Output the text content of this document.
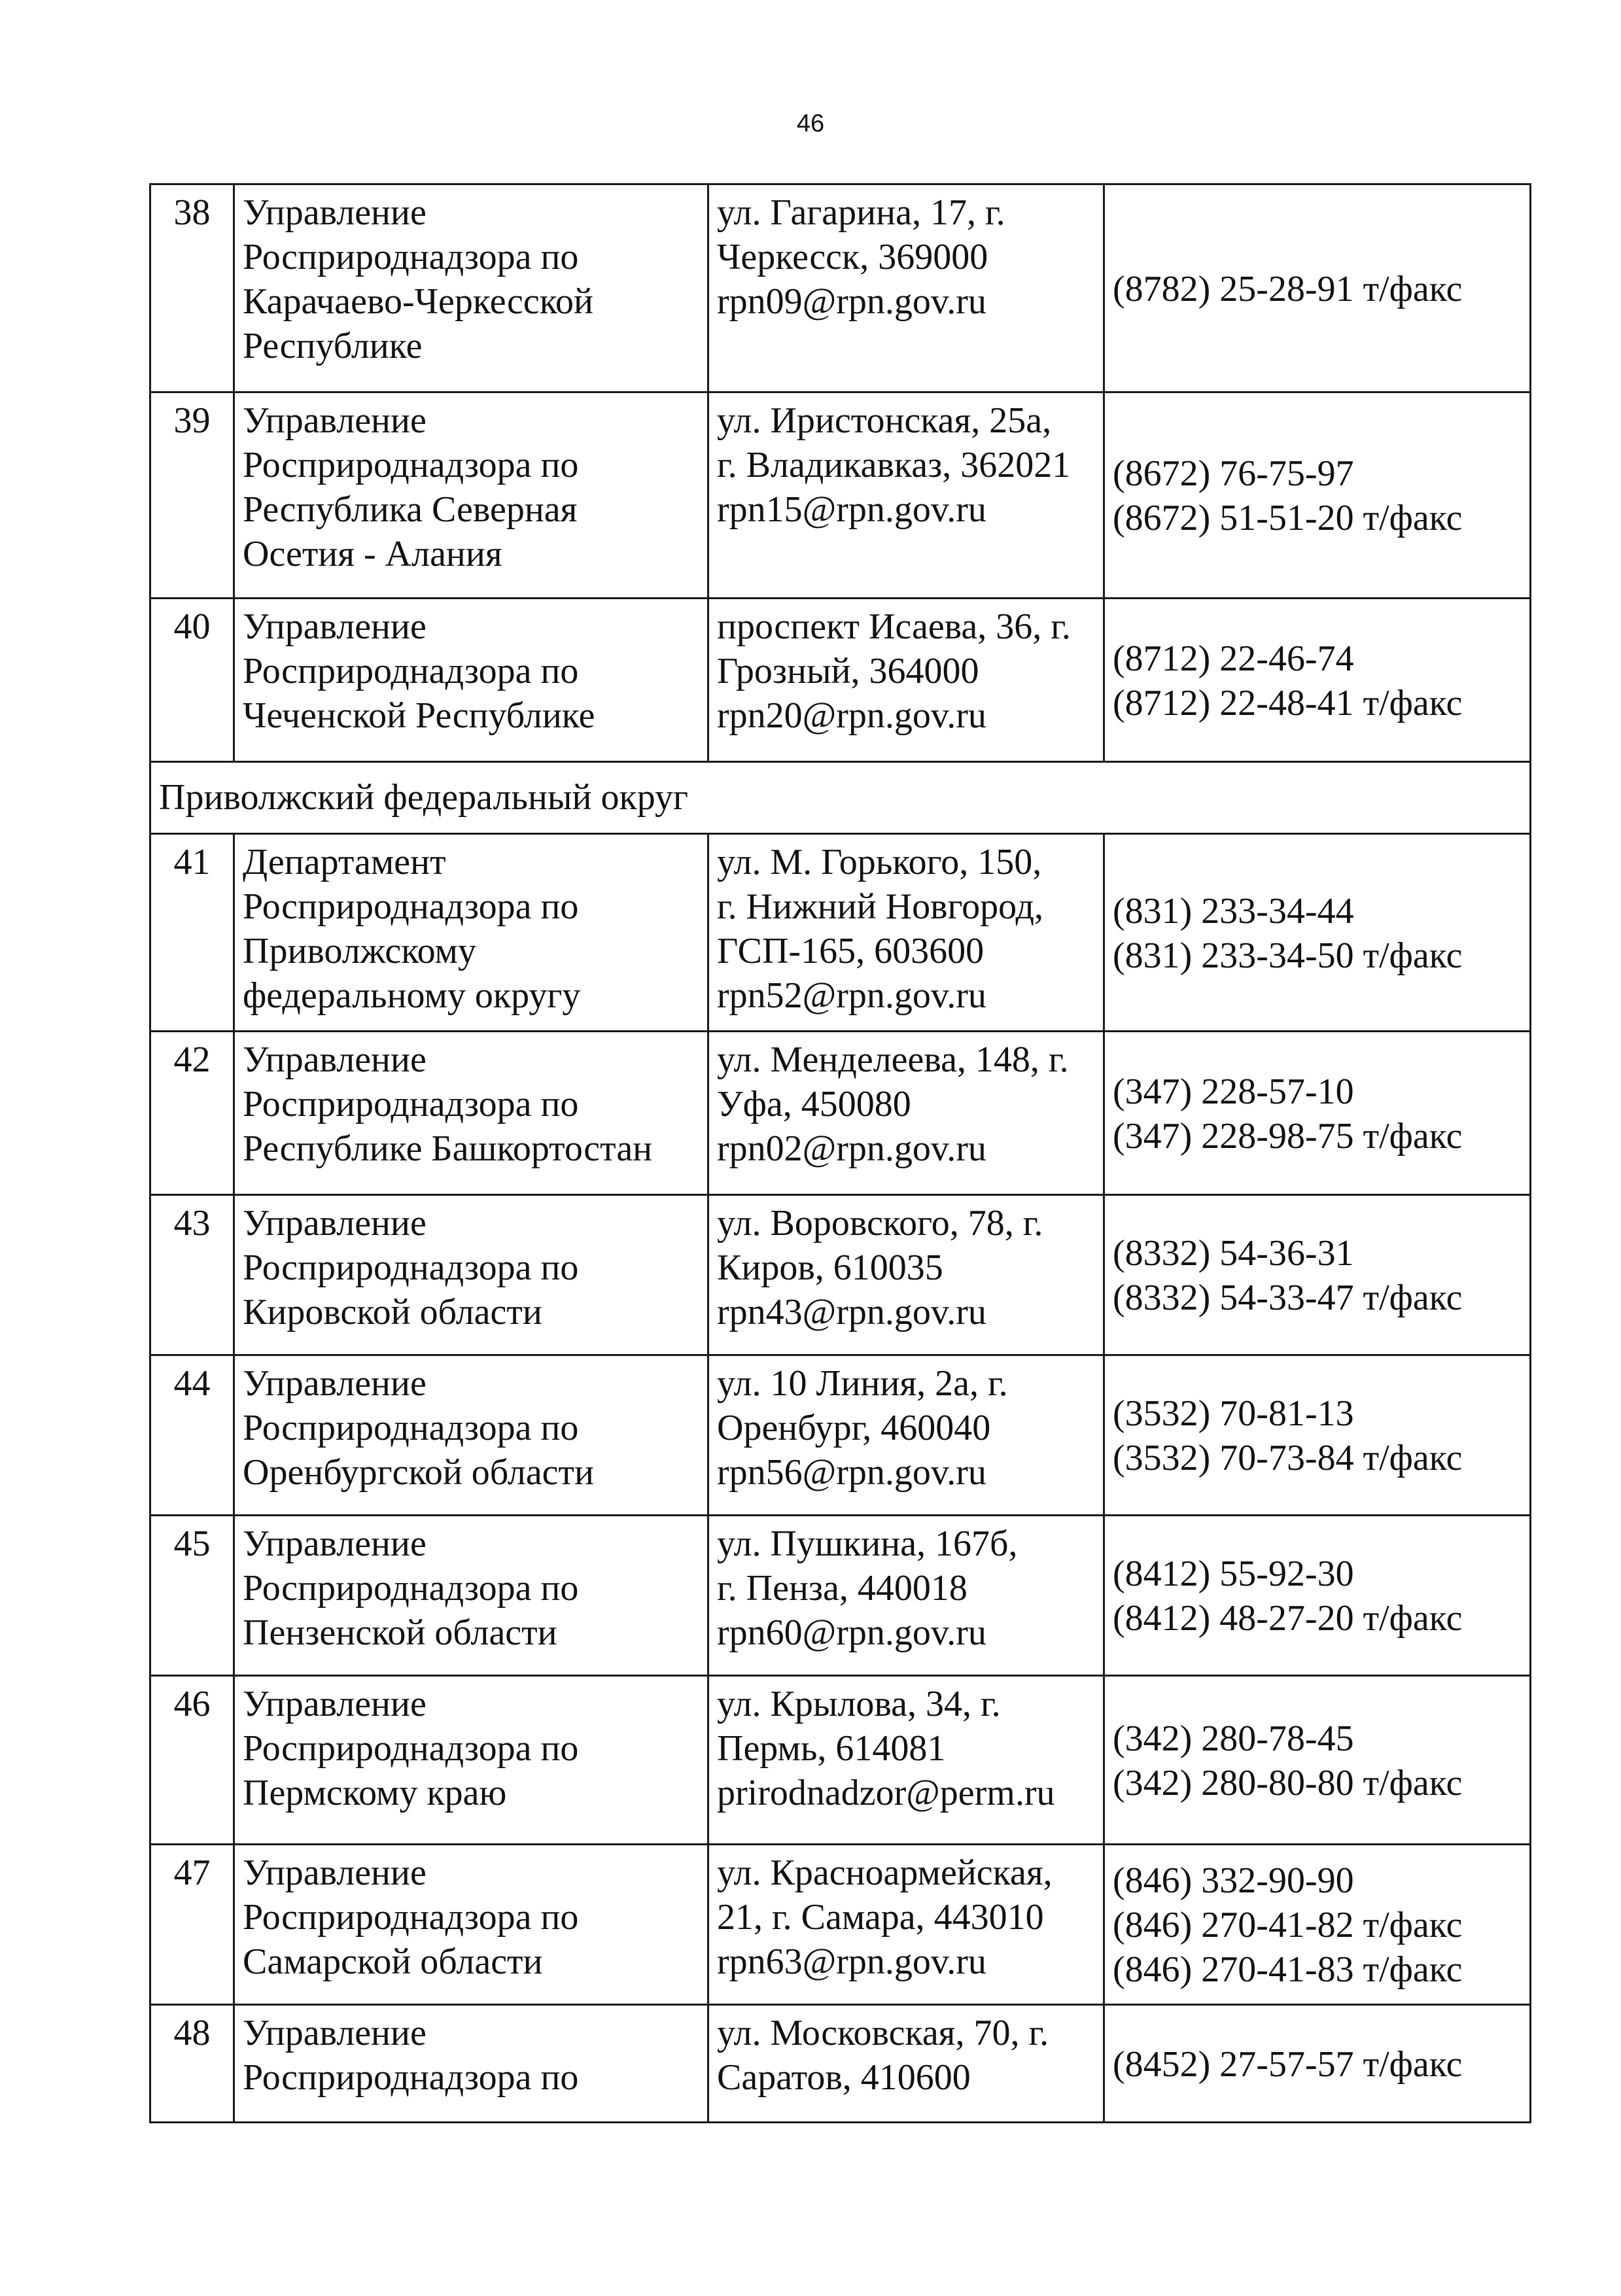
46
38	Управление
Росприроднадзора по
Карачаево-Черкесской
Республике	ул. Гагарина, 17, г.
Черкесск, 369000
rpn09@rpn.gov.ru	(8782) 25-28-91 т/факс
39	Управление
Росприроднадзора по
Республика Северная
Осетия - Алания	ул. Иристонская, 25а,
г. Владикавказ, 362021
rpn15@rpn.gov.ru	(8672) 76-75-97
(8672) 51-51-20 т/факс
40	Управление
Росприроднадзора по
Чеченской Республике	проспект Исаева, 36, г.
Грозный, 364000
rpn20@rpn.gov.ru	(8712) 22-46-74
(8712) 22-48-41 т/факс
Приволжский федеральный округ			
41	Департамент
Росприроднадзора по
Приволжскому
федеральному округу	ул. М. Горького, 150,
г. Нижний Новгород,
ГСП-165, 603600
rpn52@rpn.gov.ru	(831) 233-34-44
(831) 233-34-50 т/факс
42	Управление
Росприроднадзора по
Республике Башкортостан	ул. Менделеева, 148, г.
Уфа, 450080
rpn02@rpn.gov.ru	(347) 228-57-10
(347) 228-98-75 т/факс
43	Управление
Росприроднадзора по
Кировской области	ул. Воровского, 78, г.
Киров, 610035
rpn43@rpn.gov.ru	(8332) 54-36-31
(8332) 54-33-47 т/факс
44	Управление
Росприроднадзора по
Оренбургской области	ул. 10 Линия, 2а, г.
Оренбург, 460040
rpn56@rpn.gov.ru	(3532) 70-81-13
(3532) 70-73-84 т/факс
45	Управление
Росприроднадзора по
Пензенской области	ул. Пушкина, 167б,
г. Пенза, 440018
rpn60@rpn.gov.ru	(8412) 55-92-30
(8412) 48-27-20 т/факс
46	Управление
Росприроднадзора по
Пермскому краю	ул. Крылова, 34, г.
Пермь, 614081
prirodnadzor@perm.ru	(342) 280-78-45
(342) 280-80-80 т/факс
47	Управление
Росприроднадзора по
Самарской области	ул. Красноармейская,
21, г. Самара, 443010
rpn63@rpn.gov.ru	(846) 332-90-90
(846) 270-41-82 т/факс
(846) 270-41-83 т/факс
48	Управление
Росприроднадзора по	ул. Московская, 70, г.
Саратов, 410600	(8452) 27-57-57 т/факс
